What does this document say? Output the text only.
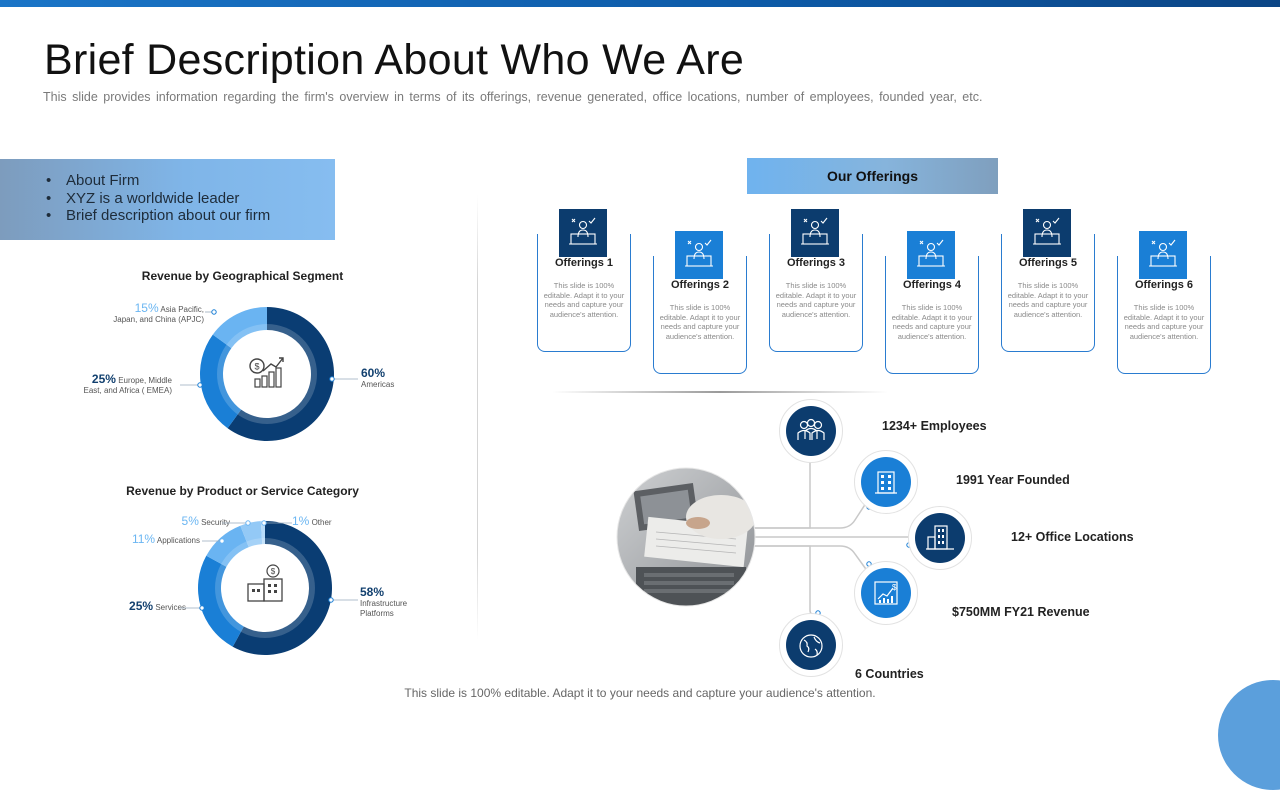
Brief Description About Who We Are
This slide provides information regarding the firm's overview in terms of its offerings, revenue generated, office locations, number of employees, founded year, etc.
• About Firm
• XYZ is a worldwide leader
• Brief description about our firm
Revenue by Geographical Segment
$
15% Asia Pacific,
Japan, and China (APJC)
25% Europe, Middle
East, and Africa ( EMEA)
60%
Americas
Revenue by Product or Service Category
$
5% Security
11% Applications
25% Services
1% Other
58%
Infrastructure
Platforms
Our Offerings
Offerings 1
This slide is 100% editable. Adapt it to your needs and capture your audience's attention.
Offerings 2
This slide is 100% editable. Adapt it to your needs and capture your audience's attention.
Offerings 3
This slide is 100% editable. Adapt it to your needs and capture your audience's attention.
Offerings 4
This slide is 100% editable. Adapt it to your needs and capture your audience's attention.
Offerings 5
This slide is 100% editable. Adapt it to your needs and capture your audience's attention.
Offerings 6
This slide is 100% editable. Adapt it to your needs and capture your audience's attention.
$
1234+ Employees
1991 Year Founded
12+ Office Locations
$750MM FY21 Revenue
6 Countries
This slide is 100% editable. Adapt it to your needs and capture your audience's attention.
